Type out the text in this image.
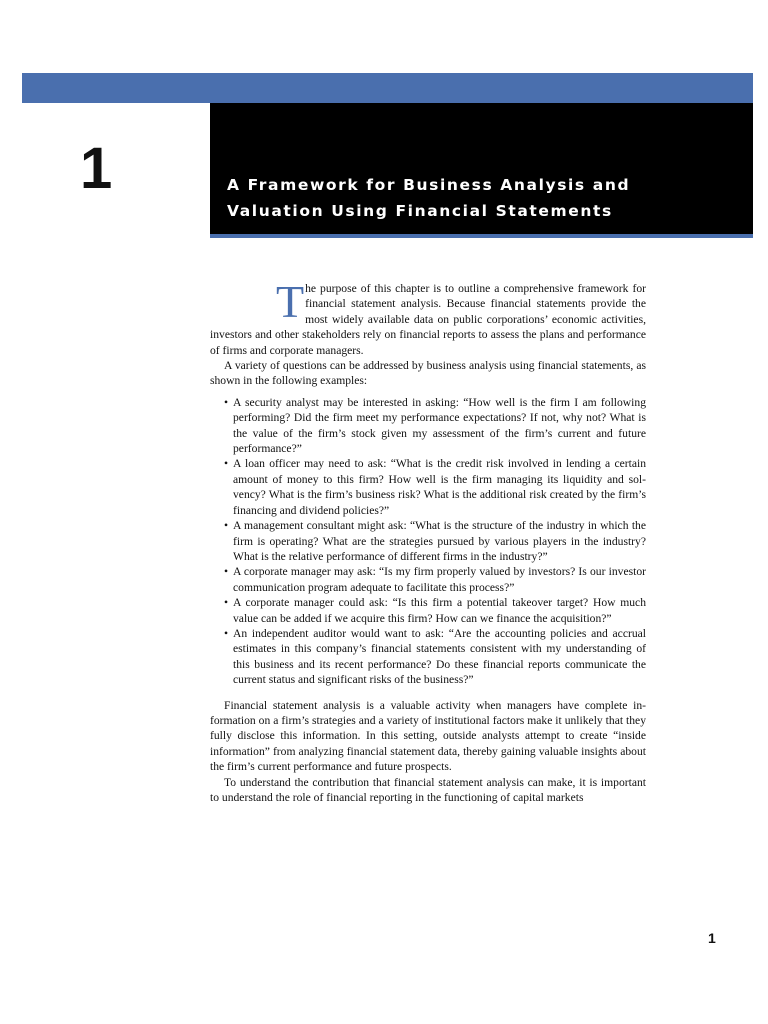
1	A Framework for Business Analysis and
Valuation Using Financial Statements

The purpose of this chapter is to outline a comprehensive framework for financial statement analysis. Because financial statements provide the most widely available data on public corporations’ economic activities, investors and other stakeholders rely on financial reports to assess the plans and performance of firms and corporate managers.

A variety of questions can be addressed by business analysis using financial statements, as shown in the following examples:

• A security analyst may be interested in asking: “How well is the firm I am following performing? Did the firm meet my performance expectations? If not, why not? What is the value of the firm’s stock given my assessment of the firm’s current and future performance?”
• A loan officer may need to ask: “What is the credit risk involved in lending a certain amount of money to this firm? How well is the firm managing its liquidity and solvency? What is the firm’s business risk? What is the additional risk created by the firm’s financing and dividend policies?”
• A management consultant might ask: “What is the structure of the industry in which the firm is operating? What are the strategies pursued by various players in the industry? What is the relative performance of different firms in the industry?”
• A corporate manager may ask: “Is my firm properly valued by investors? Is our investor communication program adequate to facilitate this process?”
• A corporate manager could ask: “Is this firm a potential takeover target? How much value can be added if we acquire this firm? How can we finance the acquisition?”
• An independent auditor would want to ask: “Are the accounting policies and accrual estimates in this company’s financial statements consistent with my understanding of this business and its recent performance? Do these financial reports communicate the current status and significant risks of the business?”

Financial statement analysis is a valuable activity when managers have complete information on a firm’s strategies and a variety of institutional factors make it unlikely that they fully disclose this information. In this setting, outside analysts attempt to create “inside information” from analyzing financial statement data, thereby gaining valuable insights about the firm’s current performance and future prospects.

To understand the contribution that financial statement analysis can make, it is important to understand the role of financial reporting in the functioning of capital markets

1
